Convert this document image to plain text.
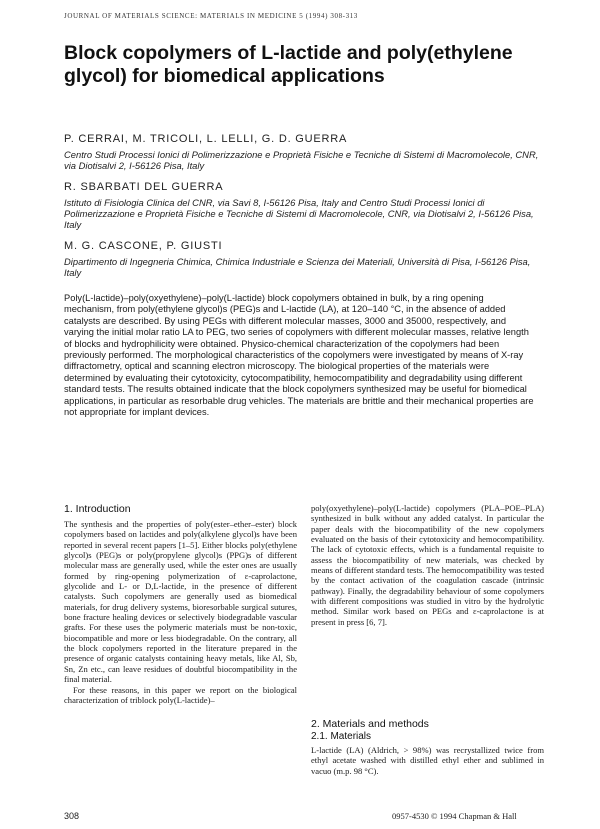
JOURNAL OF MATERIALS SCIENCE: MATERIALS IN MEDICINE 5 (1994) 308-313
Block copolymers of L-lactide and poly(ethylene glycol) for biomedical applications
P. CERRAI, M. TRICOLI, L. LELLI, G. D. GUERRA
Centro Studi Processi Ionici di Polimerizzazione e Proprietà Fisiche e Tecniche di Sistemi di Macromolecole, CNR, via Diotisalvi 2, I-56126 Pisa, Italy
R. SBARBATI DEL GUERRA
Istituto di Fisiologia Clinica del CNR, via Savi 8, I-56126 Pisa, Italy and Centro Studi Processi Ionici di Polimerizzazione e Proprietà Fisiche e Tecniche di Sistemi di Macromolecole, CNR, via Diotisalvi 2, I-56126 Pisa, Italy
M. G. CASCONE, P. GIUSTI
Dipartimento di Ingegneria Chimica, Chimica Industriale e Scienza dei Materiali, Università di Pisa, I-56126 Pisa, Italy
Poly(L-lactide)–poly(oxyethylene)–poly(L-lactide) block copolymers obtained in bulk, by a ring opening mechanism, from poly(ethylene glycol)s (PEG)s and L-lactide (LA), at 120–140 °C, in the absence of added catalysts are described. By using PEGs with different molecular masses, 3000 and 35000, respectively, and varying the initial molar ratio LA to PEG, two series of copolymers with different molecular masses, relative length of blocks and hydrophilicity were obtained. Physico-chemical characterization of the copolymers had been previously performed. The morphological characteristics of the copolymers were investigated by means of X-ray diffractometry, optical and scanning electron microscopy. The biological properties of the materials were determined by evaluating their cytotoxicity, cytocompatibility, hemocompatibility and degradability using different standard tests. The results obtained indicate that the block copolymers synthesized may be useful for biomedical applications, in particular as resorbable drug vehicles. The materials are brittle and their mechanical properties are not appropriate for implant devices.
1. Introduction

The synthesis and the properties of poly(ester–ether–ester) block copolymers based on lactides and poly(alkylene glycol)s have been reported in several recent papers [1–5]. Either blocks poly(ethylene glycol)s (PEG)s or poly(propylene glycol)s (PPG)s of different molecular mass are generally used, while the ester ones are usually formed by ring-opening polymerization of ε-caprolactone, glycolide and L- or D,L-lactide, in the presence of different catalysts. Such copolymers are generally used as biomedical materials, for drug delivery systems, bioresorbable surgical sutures, bone fracture healing devices or selectively biodegradable vascular grafts. For these uses the polymeric materials must be non-toxic, biocompatible and more or less biodegradable. On the contrary, all the block copolymers reported in the literature prepared in the presence of organic catalysts containing heavy metals, like Al, Sb, Sn, Zn etc., can leave residues of doubtful biocompatibility in the final material.

For these reasons, in this paper we report on the biological characterization of triblock poly(L-lactide)–

poly(oxyethylene)–poly(L-lactide) copolymers (PLA–POE–PLA) synthesized in bulk without any added catalyst. In particular the paper deals with the biocompatibility of the new copolymers evaluated on the basis of their cytotoxicity and hemocompatibility. The lack of cytotoxic effects, which is a fundamental requisite to assess the biocompatibility of new materials, was checked by means of different standard tests. The hemocompatibility was tested by the contact activation of the coagulation cascade (intrinsic pathway). Finally, the degradability behaviour of some copolymers with different compositions was studied in vitro by the hydrolytic method. Similar work based on PEGs and ε-caprolactone is at present in press [6, 7].

2. Materials and methods
2.1. Materials
L-lactide (LA) (Aldrich, > 98%) was recrystallized twice from ethyl acetate washed with distilled ethyl ether and sublimed in vacuo (m.p. 98 °C).
308	0957-4530 © 1994 Chapman & Hall
